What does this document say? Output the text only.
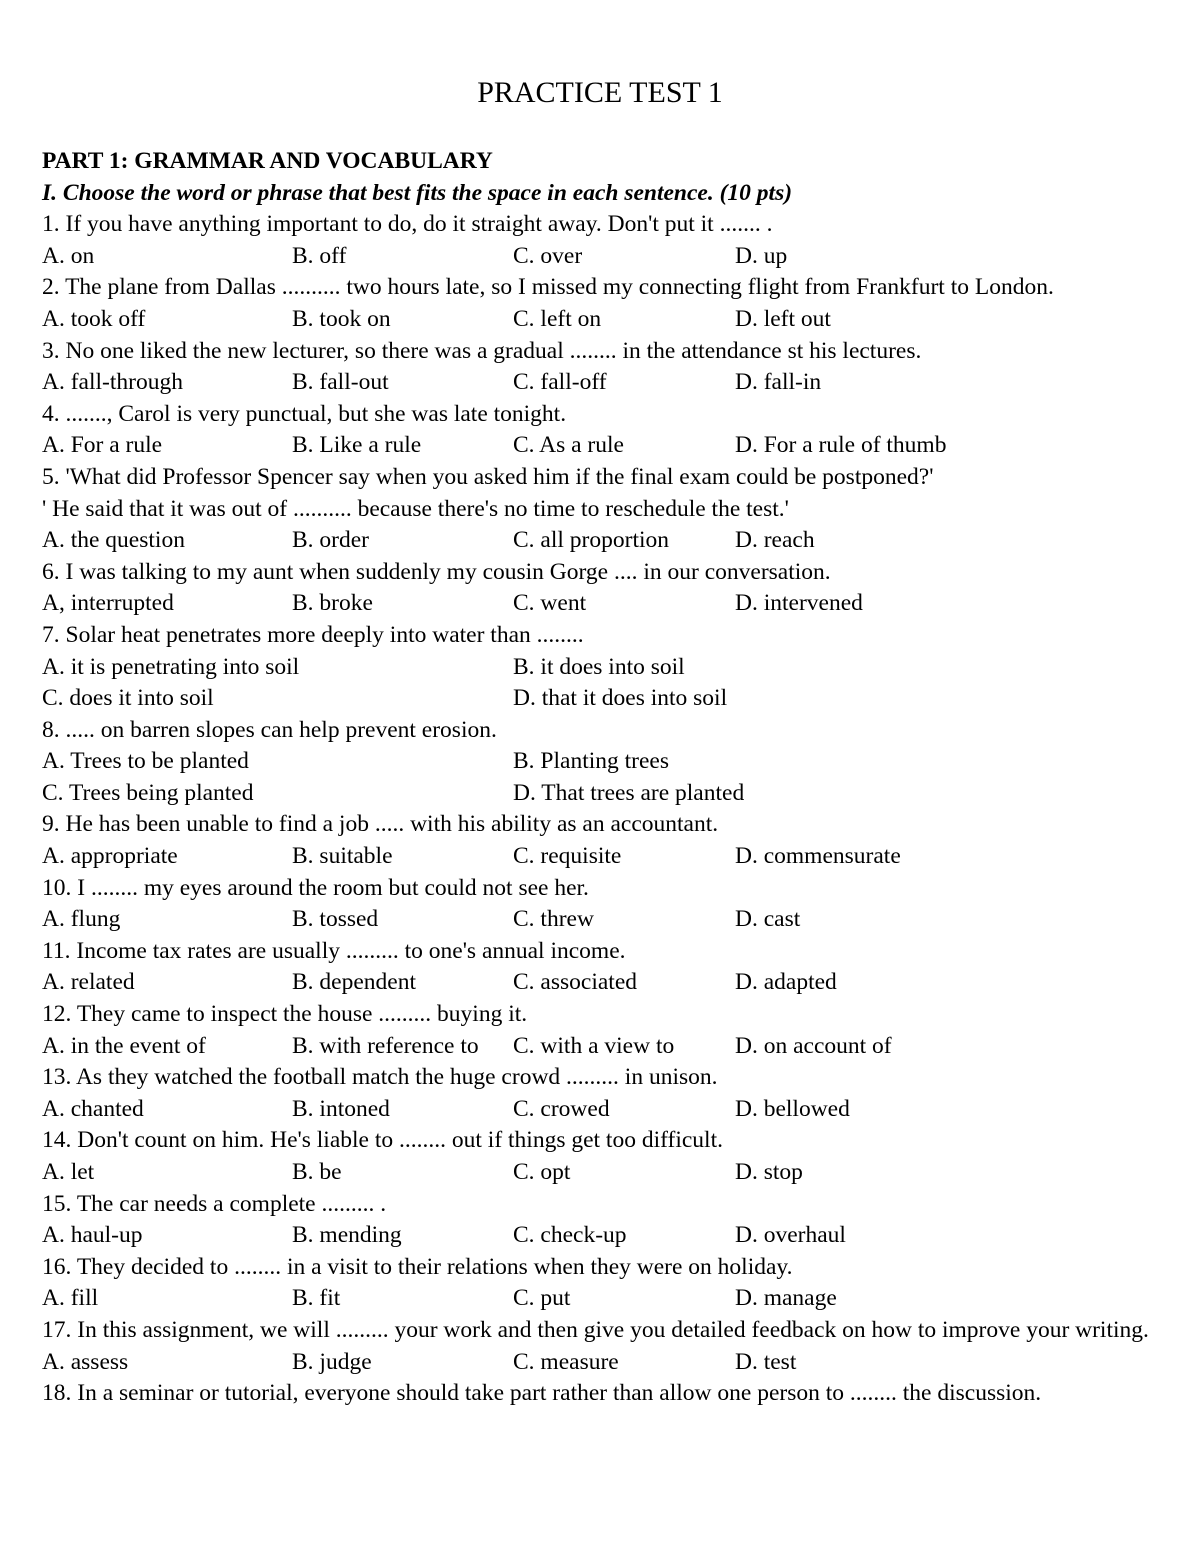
PRACTICE TEST 1
PART 1: GRAMMAR AND VOCABULARY
I. Choose the word or phrase that best fits the space in each sentence. (10 pts)
1. If you have anything important to do, do it straight away. Don't put it ....... .
A. on	B. off	C. over	D. up
2. The plane from Dallas .......... two hours late, so I missed my connecting flight from Frankfurt to London.
A. took off	B. took on	C. left on	D. left out
3. No one liked the new lecturer, so there was a gradual ........ in the attendance st his lectures.
A. fall-through	B. fall-out	C. fall-off	D. fall-in
4. ......., Carol is very punctual, but she was late tonight.
A. For a rule	B. Like a rule	C. As a rule	D. For a rule of thumb
5. 'What did Professor Spencer say when you asked him if the final exam could be postponed?'
' He said that it was out of .......... because there's no time to reschedule the test.'
A. the question	B. order	C. all proportion	D. reach
6. I was talking to my aunt when suddenly my cousin Gorge .... in our conversation.
A, interrupted	B. broke	C. went	D. intervened
7. Solar heat penetrates more deeply into water than ........
A. it is penetrating into soil	B. it does into soil
C. does it into soil	D. that it does into soil
8. ..... on barren slopes can help prevent erosion.
A. Trees to be planted	B. Planting trees
C. Trees being planted	D. That trees are planted
9. He has been unable to find a job ..... with his ability as an accountant.
A. appropriate	B. suitable	C. requisite	D. commensurate
10. I ........ my eyes around the room but could not see her.
A. flung	B. tossed	C. threw	D. cast
11. Income tax rates are usually ......... to one's annual income.
A. related	B. dependent	C. associated	D. adapted
12. They came to inspect the house ......... buying it.
A. in the event of	B. with reference to C. with a view to	D. on account of
13. As they watched the football match the huge crowd ......... in unison.
A. chanted	B. intoned	C. crowed	D. bellowed
14. Don't count on him. He's liable to ........ out if things get too difficult.
A. let	B. be	C. opt	D. stop
15. The car needs a complete ......... .
A. haul-up	B. mending	C. check-up	D. overhaul
16. They decided to ........ in a visit to their relations when they were on holiday.
A. fill	B. fit	C. put	D. manage
17. In this assignment, we will ......... your work and then give you detailed feedback on how to improve your writing.
A. assess	B. judge	C. measure	D. test
18. In a seminar or tutorial, everyone should take part rather than allow one person to ........ the discussion.
